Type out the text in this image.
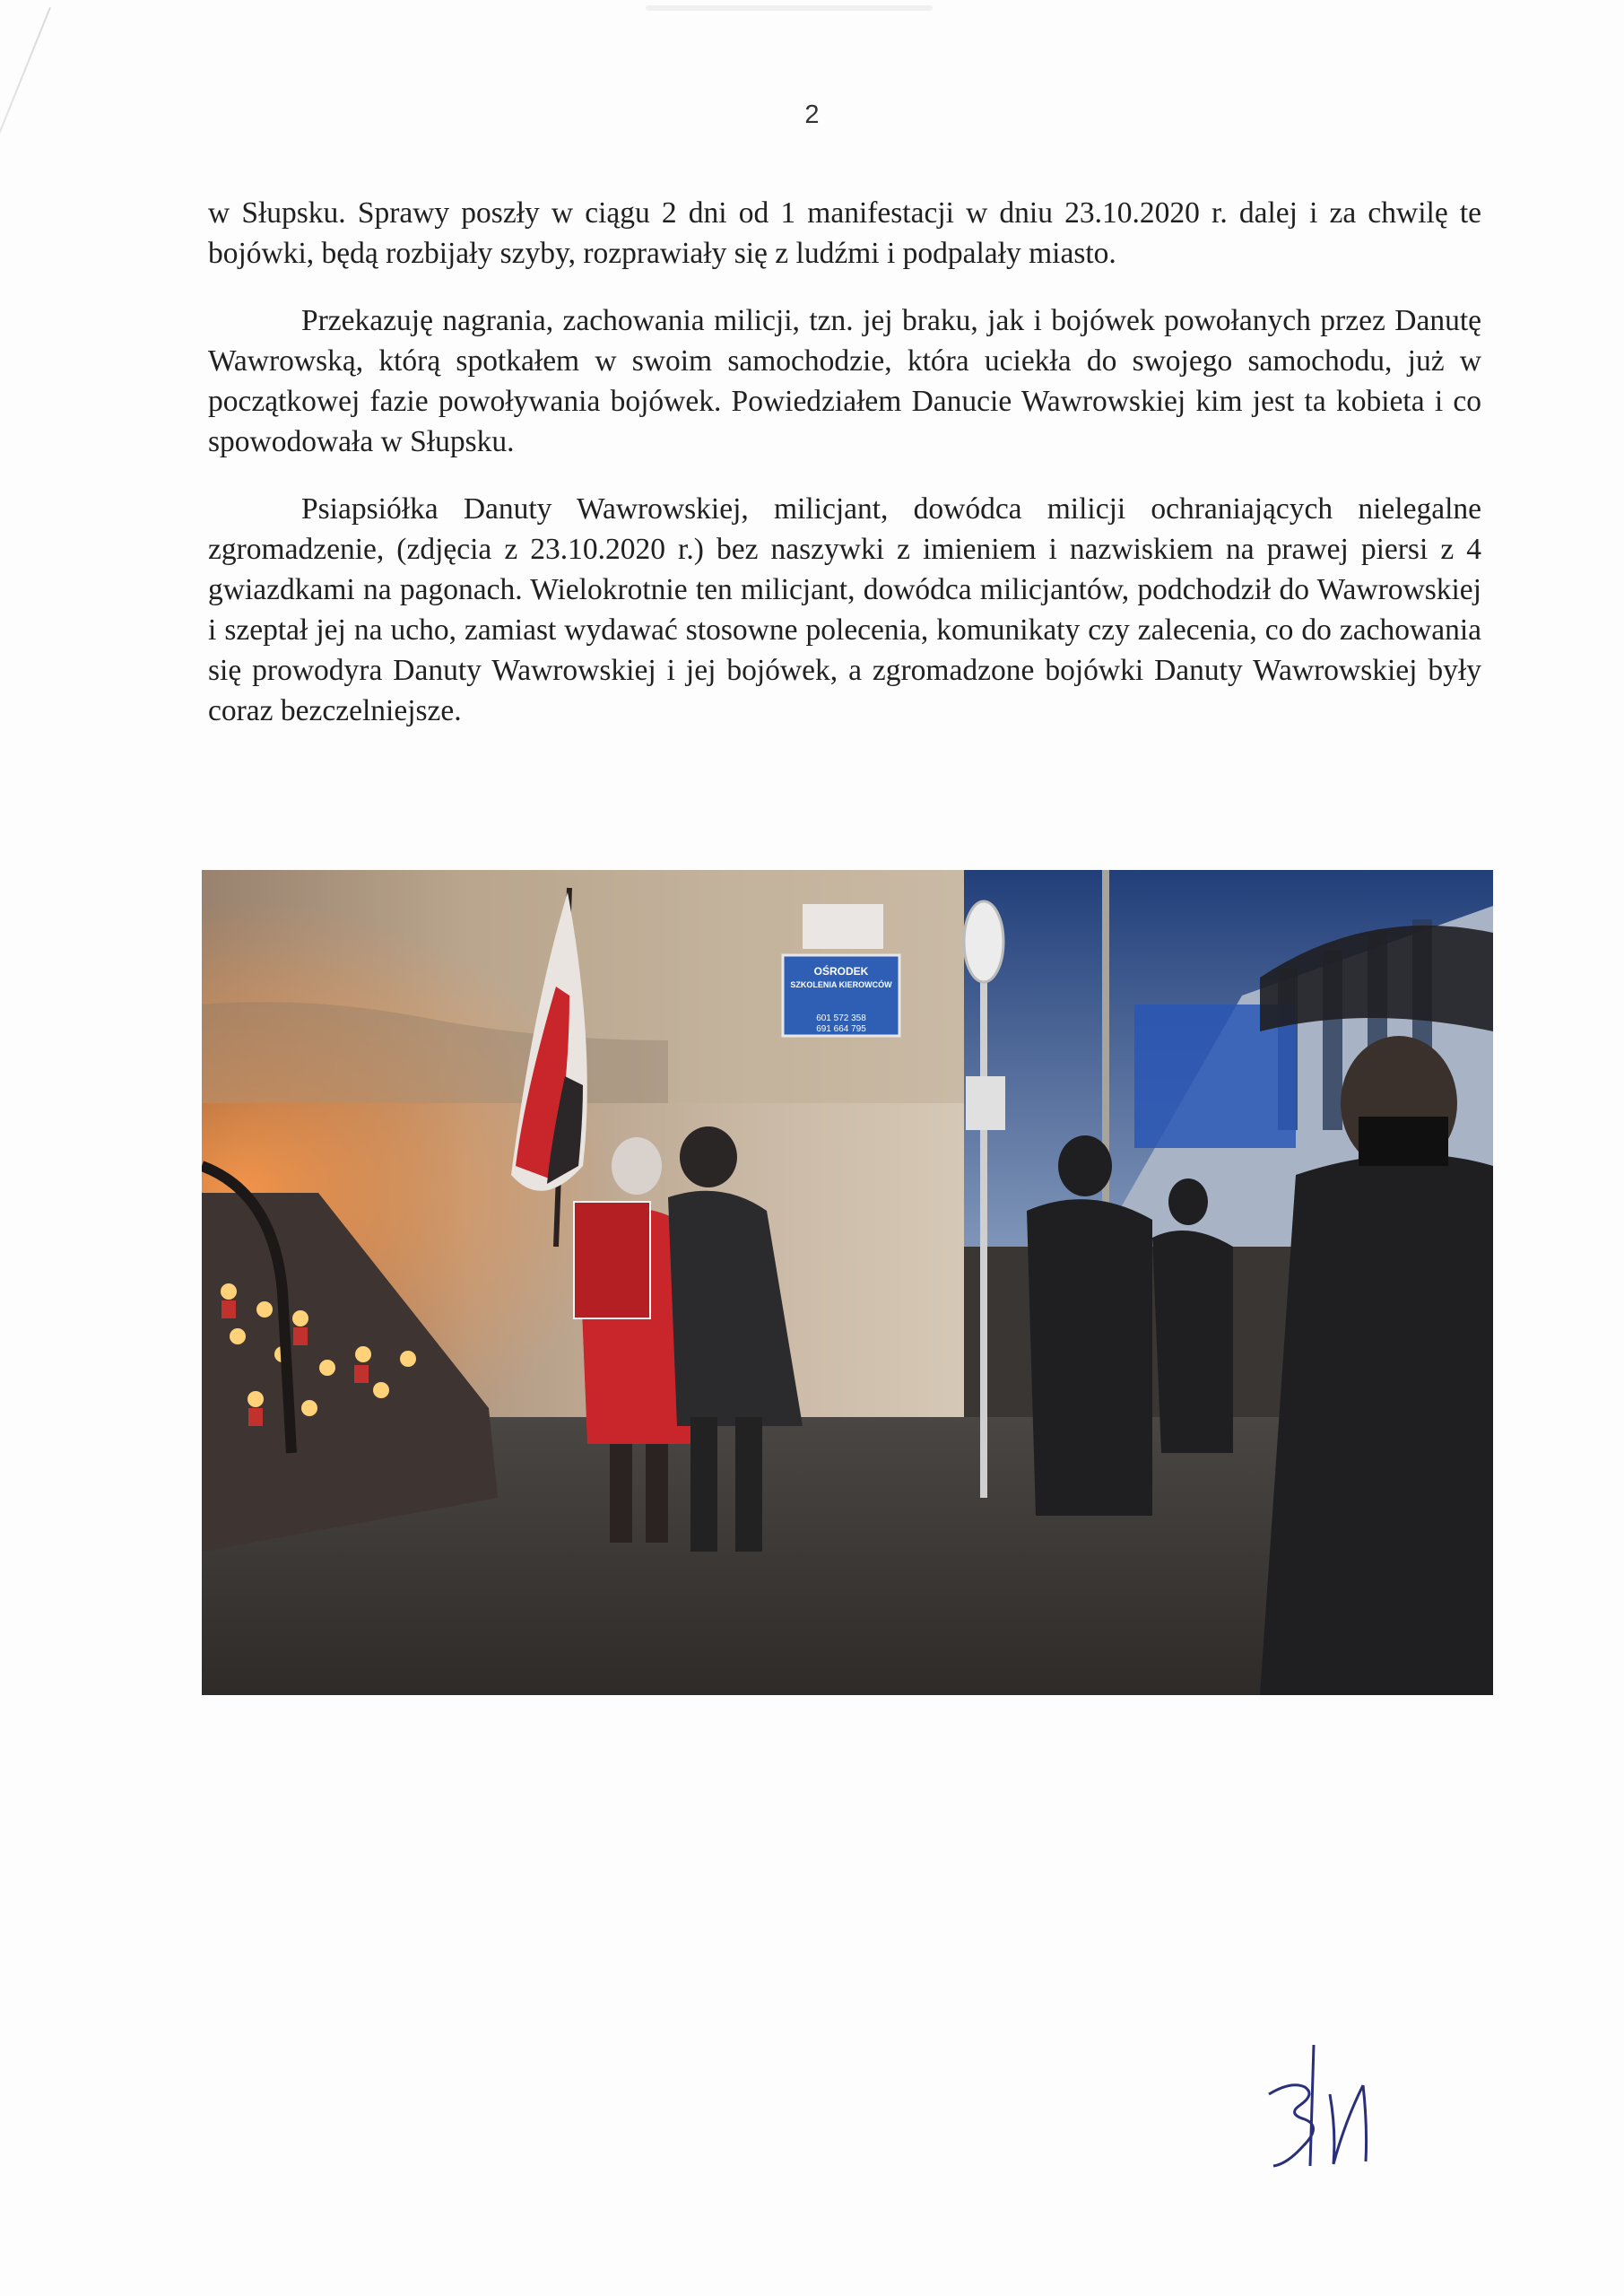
2

w Słupsku. Sprawy poszły w ciągu 2 dni od 1 manifestacji w dniu 23.10.2020 r. dalej i za chwilę te bojówki, będą rozbijały szyby, rozprawiały się z ludźmi i podpalały miasto.

Przekazuję nagrania, zachowania milicji, tzn. jej braku, jak i bojówek powołanych przez Danutę Wawrowską, którą spotkałem w swoim samochodzie, która uciekła do swojego samochodu, już w początkowej fazie powoływania bojówek. Powiedziałem Danucie Wawrowskiej kim jest ta kobieta i co spowodowała w Słupsku.

Psiapsiółka Danuty Wawrowskiej, milicjant, dowódca milicji ochraniających nielegalne zgromadzenie, (zdjęcia z 23.10.2020 r.) bez naszywki z imieniem i nazwiskiem na prawej piersi z 4 gwiazdkami na pagonach. Wielokrotnie ten milicjant, dowódca milicjantów, podchodził do Wawrowskiej i szeptał jej na ucho, zamiast wydawać stosowne polecenia, komunikaty czy zalecenia, co do zachowania się prowodyra Danuty Wawrowskiej i jej bojówek, a zgromadzone bojówki Danuty Wawrowskiej były coraz bezczelniejsze.

OŚRODEK
SZKOLENIA KIEROWCÓW
601 572 358
691 664 795
